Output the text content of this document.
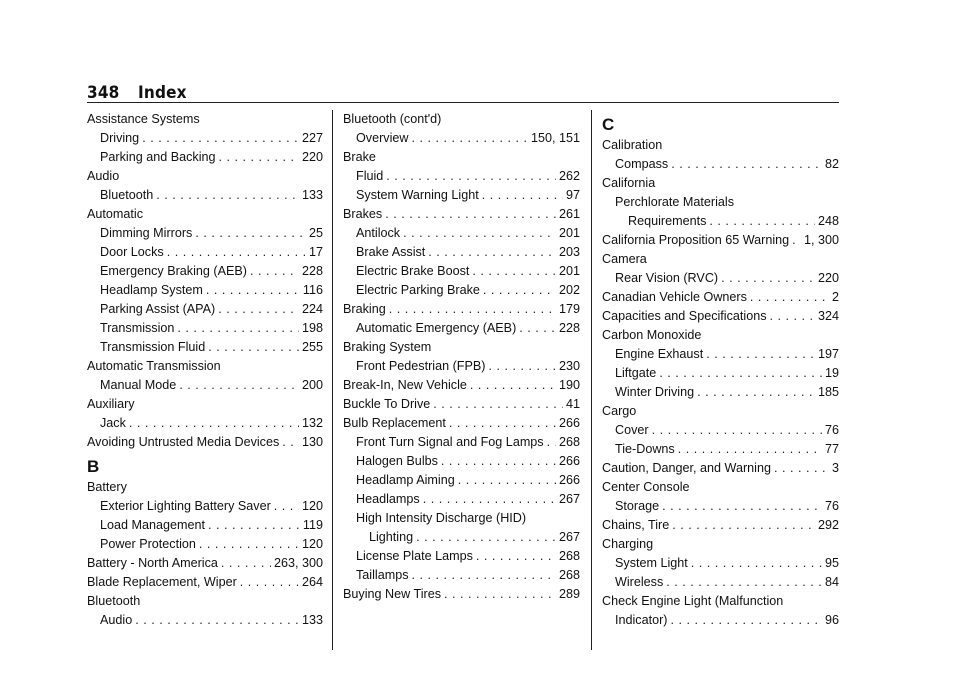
348 Index
Assistance Systems
Driving . . .	227
Parking and Backing . . .	220
Audio
Bluetooth . . .	133
Automatic
Dimming Mirrors . . .	25
Door Locks . . .	17
Emergency Braking (AEB) . . .	228
Headlamp System . . .	116
Parking Assist (APA) . . .	224
Transmission . . .	198
Transmission Fluid . . .	255
Automatic Transmission
Manual Mode . . .	200
Auxiliary
Jack . . .	132
Avoiding Untrusted Media Devices . . . 130
B
Battery
Exterior Lighting Battery Saver . . . 120
Load Management . . .	119
Power Protection . . .	120
Battery - North America . . .	263, 300
Blade Replacement, Wiper . . .	264
Bluetooth
Audio . . .	133
Bluetooth (cont'd)
Overview . . .	150, 151
Brake
Fluid . . .	262
System Warning Light . . .	97
Brakes . . .	261
Antilock . . .	201
Brake Assist . . .	203
Electric Brake Boost . . .	201
Electric Parking Brake . . .	202
Braking . . .	179
Automatic Emergency (AEB) . . .	228
Braking System
Front Pedestrian (FPB) . . .	230
Break-In, New Vehicle . . .	190
Buckle To Drive . . .	41
Bulb Replacement . . .	266
Front Turn Signal and Fog Lamps . . . 268
Halogen Bulbs . . .	266
Headlamp Aiming . . .	266
Headlamps . . .	267
High Intensity Discharge (HID)
Lighting . . .	267
License Plate Lamps . . .	268
Taillamps . . .	268
Buying New Tires . . .	289
C
Calibration
Compass . . .	82
California
Perchlorate Materials
Requirements . . .	248
California Proposition 65 Warning . . . 1, 300
Camera
Rear Vision (RVC) . . .	220
Canadian Vehicle Owners . . .	2
Capacities and Specifications . . .	324
Carbon Monoxide
Engine Exhaust . . .	197
Liftgate . . .	19
Winter Driving . . .	185
Cargo
Cover . . .	76
Tie-Downs . . .	77
Caution, Danger, and Warning . . .	3
Center Console
Storage . . .	76
Chains, Tire . . .	292
Charging
System Light . . .	95
Wireless . . .	84
Check Engine Light (Malfunction
Indicator) . . .	96
